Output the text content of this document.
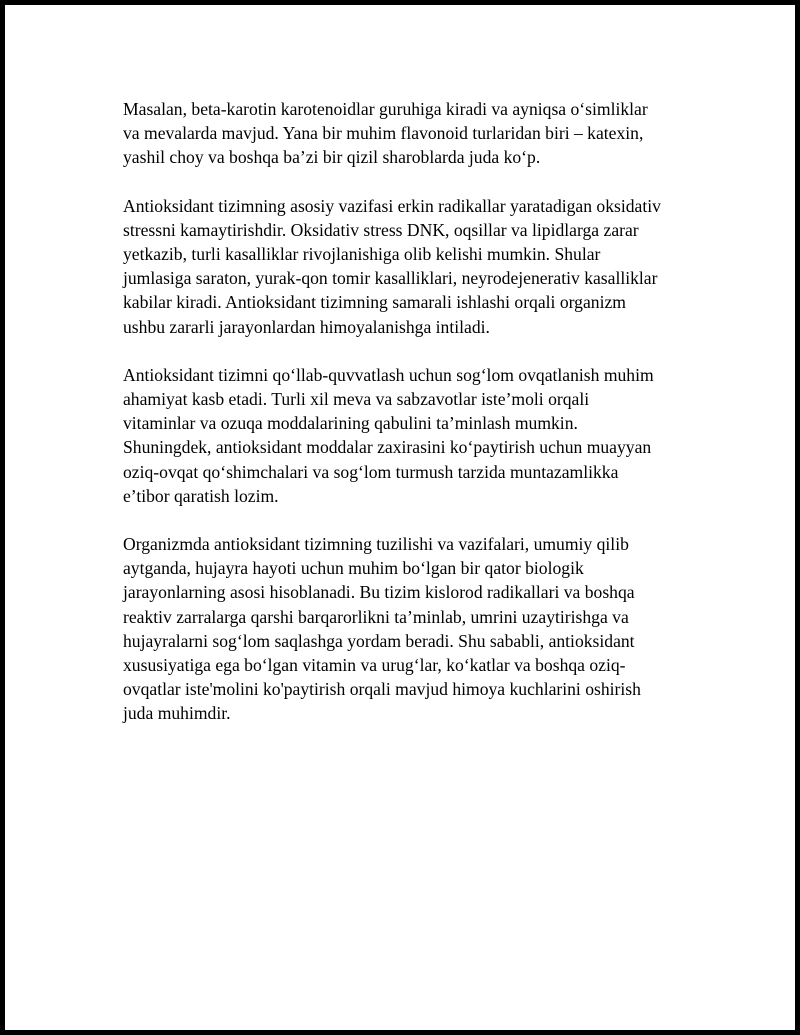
Masalan, beta-karotin karotenoidlar guruhiga kiradi va ayniqsa o‘simliklar
va mevalarda mavjud. Yana bir muhim flavonoid turlaridan biri – katexin,
yashil choy va boshqa ba’zi bir qizil sharoblarda juda ko‘p.

Antioksidant tizimning asosiy vazifasi erkin radikallar yaratadigan oksidativ
stressni kamaytirishdir. Oksidativ stress DNK, oqsillar va lipidlarga zarar
yetkazib, turli kasalliklar rivojlanishiga olib kelishi mumkin. Shular
jumlasiga saraton, yurak-qon tomir kasalliklari, neyrodejenerativ kasalliklar
kabilar kiradi. Antioksidant tizimning samarali ishlashi orqali organizm
ushbu zararli jarayonlardan himoyalanishga intiladi.

Antioksidant tizimni qo‘llab-quvvatlash uchun sog‘lom ovqatlanish muhim
ahamiyat kasb etadi. Turli xil meva va sabzavotlar iste’moli orqali
vitaminlar va ozuqa moddalarining qabulini ta’minlash mumkin.
Shuningdek, antioksidant moddalar zaxirasini ko‘paytirish uchun muayyan
oziq-ovqat qo‘shimchalari va sog‘lom turmush tarzida muntazamlikka
e’tibor qaratish lozim.

Organizmda antioksidant tizimning tuzilishi va vazifalari, umumiy qilib
aytganda, hujayra hayoti uchun muhim bo‘lgan bir qator biologik
jarayonlarning asosi hisoblanadi. Bu tizim kislorod radikallari va boshqa
reaktiv zarralarga qarshi barqarorlikni ta’minlab, umrini uzaytirishga va
hujayralarni sog‘lom saqlashga yordam beradi. Shu sababli, antioksidant
xususiyatiga ega bo‘lgan vitamin va urug‘lar, ko‘katlar va boshqa oziq-
ovqatlar iste'molini ko'paytirish orqali mavjud himoya kuchlarini oshirish
juda muhimdir.
